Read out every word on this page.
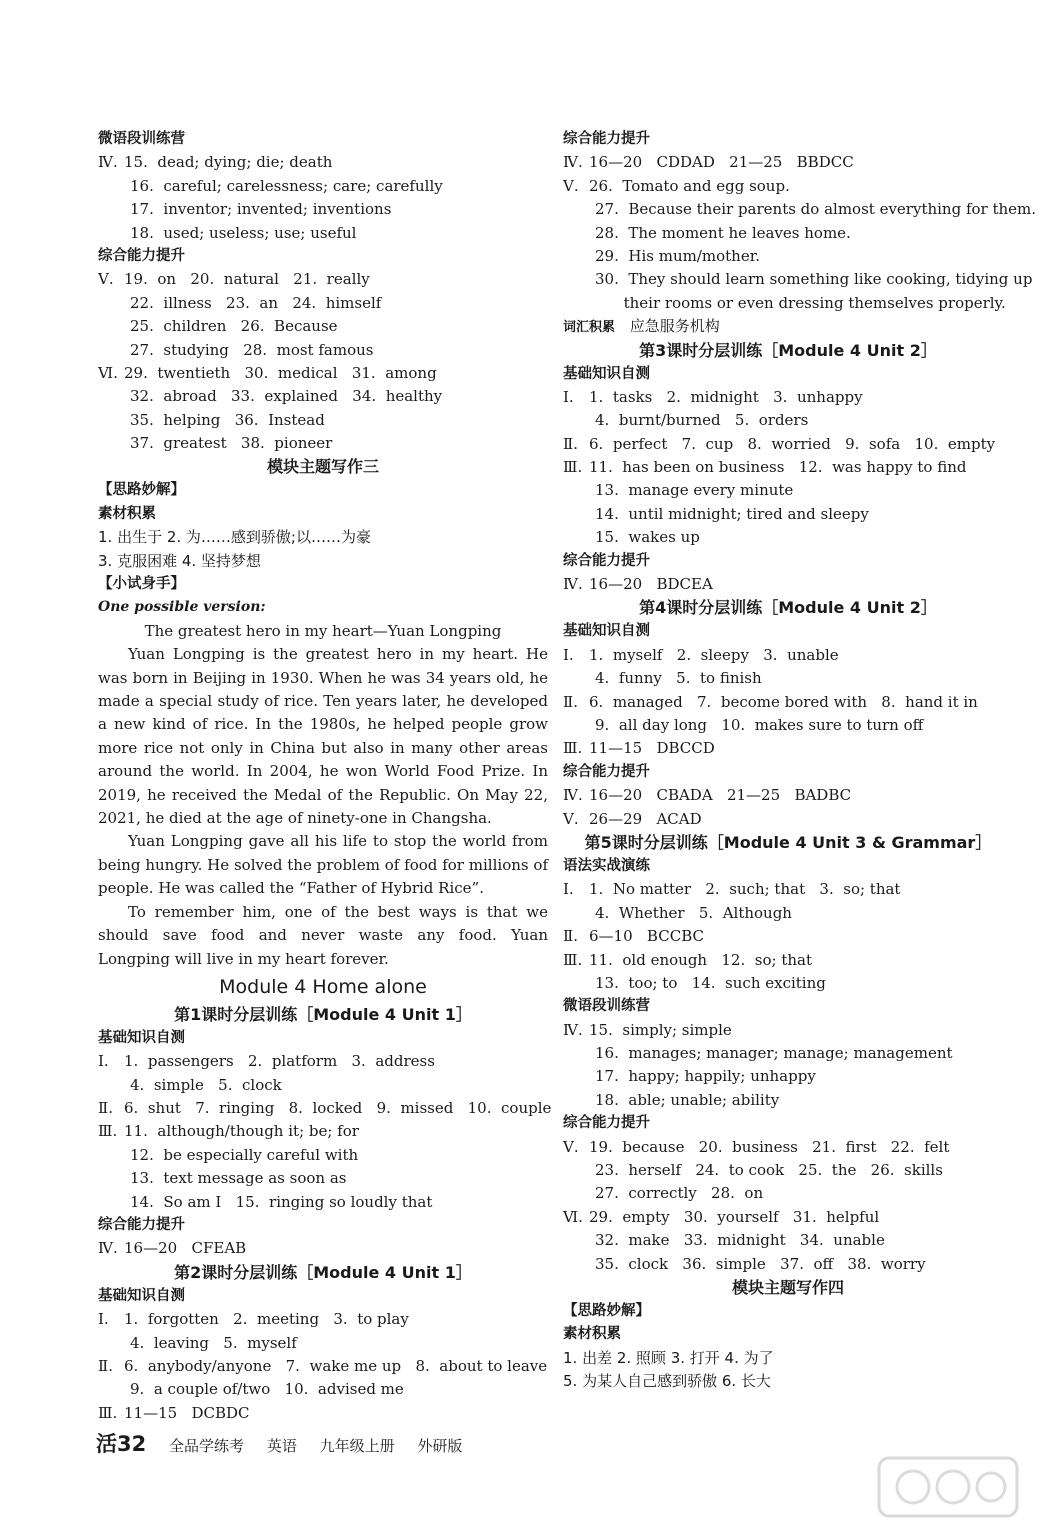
微语段训练营
Ⅳ. 15.  dead; dying; die; death
16.  careful; carelessness; care; carefully
17.  inventor; invented; inventions
18.  used; useless; use; useful
综合能力提升
Ⅴ. 19.  on   20.  natural   21.  really
22.  illness   23.  an   24.  himself
25.  children   26.  Because
27.  studying   28.  most famous
Ⅵ. 29.  twentieth   30.  medical   31.  among
32.  abroad   33.  explained   34.  healthy
35.  helping   36.  Instead
37.  greatest   38.  pioneer
模块主题写作三
【思路妙解】
素材积累
1. 出生于 2. 为……感到骄傲;以……为豪
3. 克服困难 4. 坚持梦想
【小试身手】
One possible version:

The greatest hero in my heart—Yuan Longping

Yuan Longping is the greatest hero in my heart. He was born in Beijing in 1930. When he was 34 years old, he made a special study of rice. Ten years later, he developed a new kind of rice. In the 1980s, he helped people grow more rice not only in China but also in many other areas around the world. In 2004, he won World Food Prize. In 2019, he received the Medal of the Republic. On May 22, 2021, he died at the age of ninety-one in Changsha.

Yuan Longping gave all his life to stop the world from being hungry. He solved the problem of food for millions of people. He was called the “Father of Hybrid Rice”.

To remember him, one of the best ways is that we should save food and never waste any food. Yuan Longping will live in my heart forever.

Module 4 Home alone
第1课时分层训练［Module 4 Unit 1］
基础知识自测
Ⅰ. 1.  passengers   2.  platform   3.  address
4.  simple   5.  clock
Ⅱ. 6.  shut   7.  ringing   8.  locked   9.  missed   10.  couple
Ⅲ. 11.  although/though it; be; for
12.  be especially careful with
13.  text message as soon as
14.  So am I   15.  ringing so loudly that
综合能力提升
Ⅳ. 16—20   CFEAB
第2课时分层训练［Module 4 Unit 1］
基础知识自测
Ⅰ. 1.  forgotten   2.  meeting   3.  to play
4.  leaving   5.  myself
Ⅱ. 6.  anybody/anyone   7.  wake me up   8.  about to leave
9.  a couple of/two   10.  advised me
Ⅲ. 11—15   DCBDC
综合能力提升
Ⅳ. 16—20   CDDAD   21—25   BBDCC
Ⅴ. 26.  Tomato and egg soup.
27.  Because their parents do almost everything for them.
28.  The moment he leaves home.
29.  His mum/mother.
30.  They should learn something like cooking, tidying up
their rooms or even dressing themselves properly.
词汇积累 应急服务机构
第3课时分层训练［Module 4 Unit 2］
基础知识自测
Ⅰ. 1.  tasks   2.  midnight   3.  unhappy
4.  burnt/burned   5.  orders
Ⅱ. 6.  perfect   7.  cup   8.  worried   9.  sofa   10.  empty
Ⅲ. 11.  has been on business   12.  was happy to find
13.  manage every minute
14.  until midnight; tired and sleepy
15.  wakes up
综合能力提升
Ⅳ. 16—20   BDCEA
第4课时分层训练［Module 4 Unit 2］
基础知识自测
Ⅰ. 1.  myself   2.  sleepy   3.  unable
4.  funny   5.  to finish
Ⅱ. 6.  managed   7.  become bored with   8.  hand it in
9.  all day long   10.  makes sure to turn off
Ⅲ. 11—15   DBCCD
综合能力提升
Ⅳ. 16—20   CBADA   21—25   BADBC
Ⅴ. 26—29   ACAD
第5课时分层训练［Module 4 Unit 3 & Grammar］
语法实战演练
Ⅰ. 1.  No matter   2.  such; that   3.  so; that
4.  Whether   5.  Although
Ⅱ. 6—10   BCCBC
Ⅲ. 11.  old enough   12.  so; that
13.  too; to   14.  such exciting
微语段训练营
Ⅳ. 15.  simply; simple
16.  manages; manager; manage; management
17.  happy; happily; unhappy
18.  able; unable; ability
综合能力提升
Ⅴ. 19.  because   20.  business   21.  first   22.  felt
23.  herself   24.  to cook   25.  the   26.  skills
27.  correctly   28.  on
Ⅵ. 29.  empty   30.  yourself   31.  helpful
32.  make   33.  midnight   34.  unable
35.  clock   36.  simple   37.  off   38.  worry
模块主题写作四
【思路妙解】
素材积累
1. 出差 2. 照顾 3. 打开 4. 为了
5. 为某人自己感到骄傲 6. 长大
活32 全品学练考 英语 九年级上册 外研版
